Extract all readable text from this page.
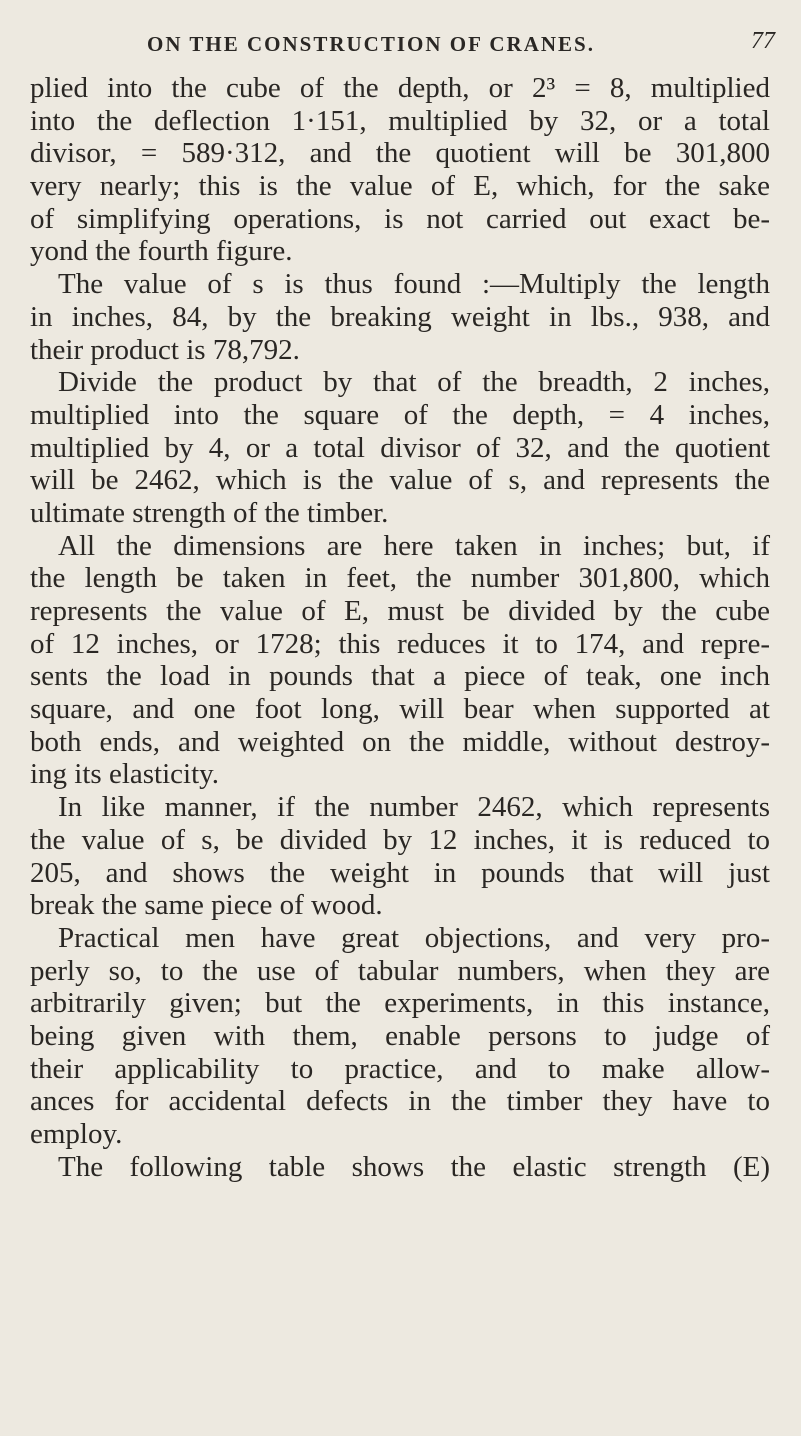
ON THE CONSTRUCTION OF CRANES.	77
plied into the cube of the depth, or 2³ = 8, multiplied
into the deflection 1·151, multiplied by 32, or a total
divisor, = 589·312, and the quotient will be 301,800
very nearly; this is the value of E, which, for the sake
of simplifying operations, is not carried out exact be-
yond the fourth figure.
The value of s is thus found :—Multiply the length
in inches, 84, by the breaking weight in lbs., 938, and
their product is 78,792.
Divide the product by that of the breadth, 2 inches,
multiplied into the square of the depth, = 4 inches,
multiplied by 4, or a total divisor of 32, and the quotient
will be 2462, which is the value of s, and represents the
ultimate strength of the timber.
All the dimensions are here taken in inches; but, if
the length be taken in feet, the number 301,800, which
represents the value of E, must be divided by the cube
of 12 inches, or 1728; this reduces it to 174, and repre-
sents the load in pounds that a piece of teak, one inch
square, and one foot long, will bear when supported at
both ends, and weighted on the middle, without destroy-
ing its elasticity.
In like manner, if the number 2462, which represents
the value of s, be divided by 12 inches, it is reduced to
205, and shows the weight in pounds that will just
break the same piece of wood.
Practical men have great objections, and very pro-
perly so, to the use of tabular numbers, when they are
arbitrarily given; but the experiments, in this instance,
being given with them, enable persons to judge of
their applicability to practice, and to make allow-
ances for accidental defects in the timber they have to
employ.
The following table shows the elastic strength (E)
